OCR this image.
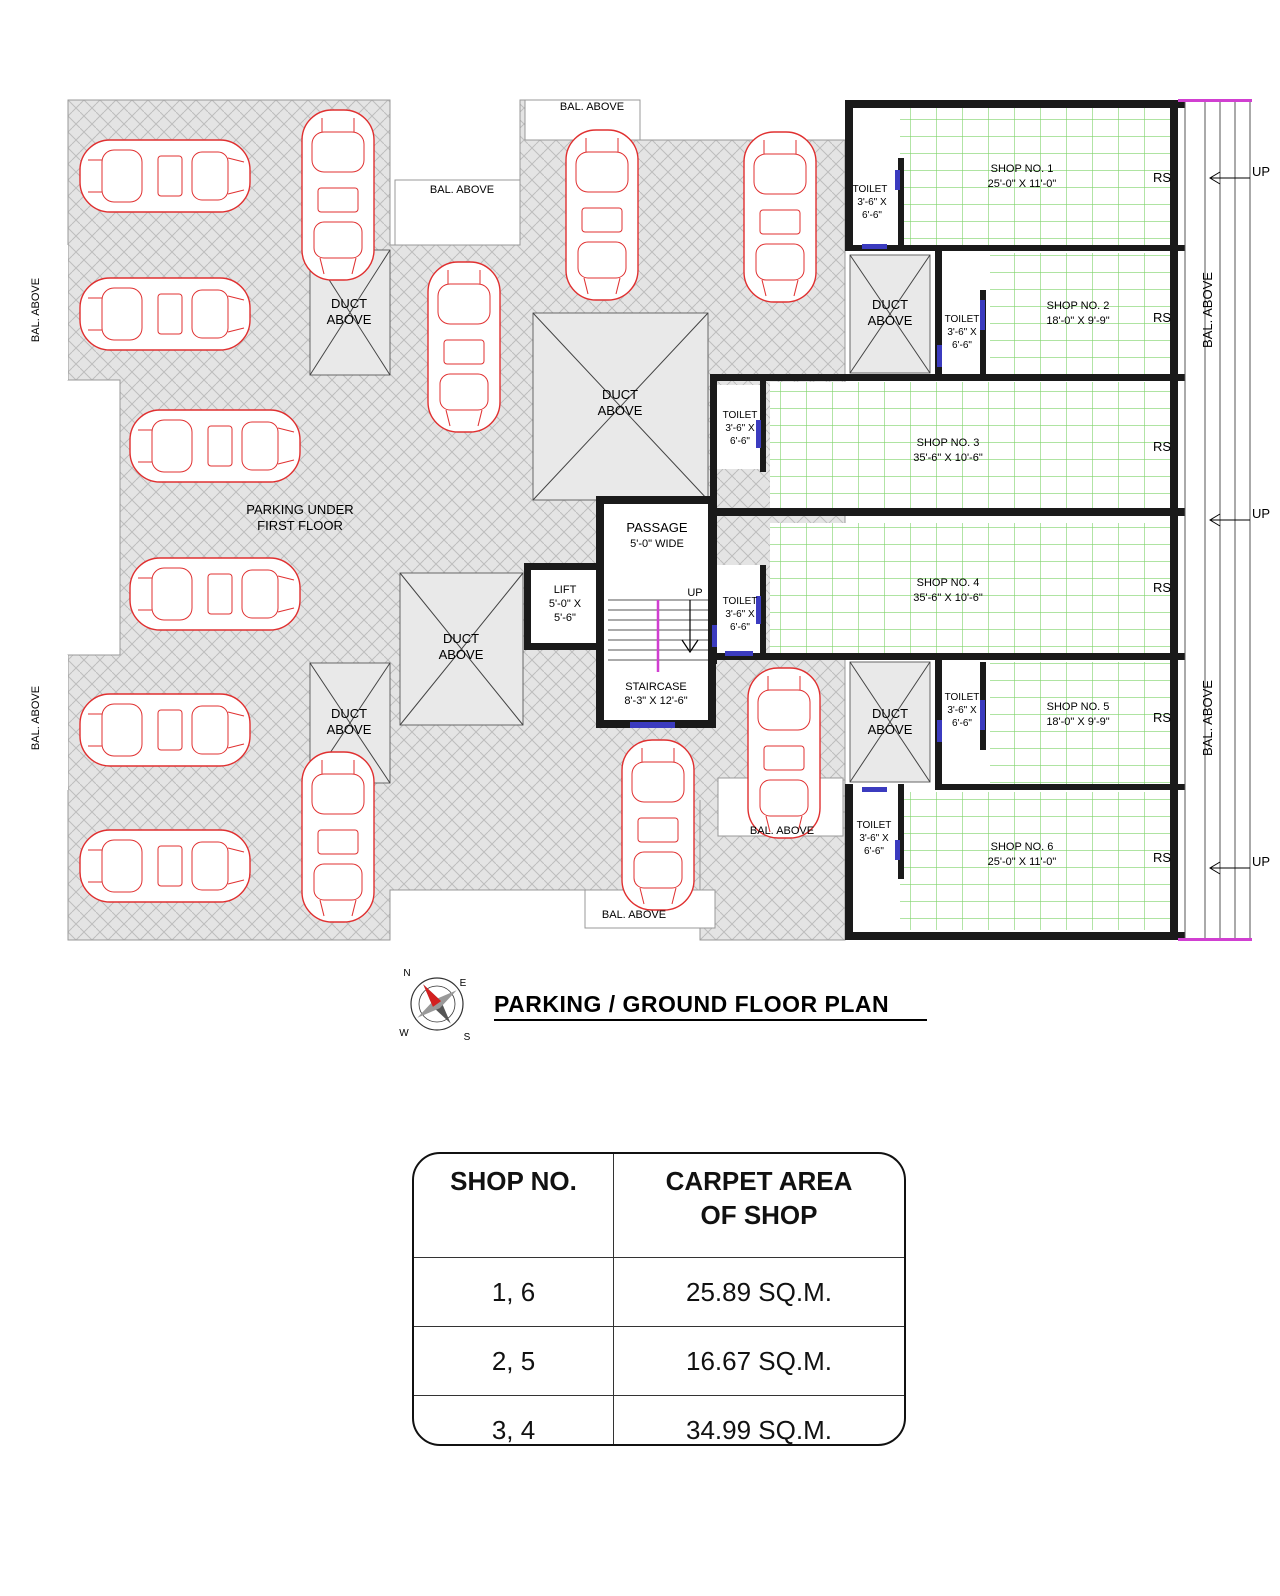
PARKING UNDER
FIRST FLOOR
DUCT
ABOVE
DUCT
ABOVE
DUCT
ABOVE
DUCT
ABOVE
DUCT
ABOVE
DUCT
ABOVE
BAL. ABOVE
BAL. ABOVE
BAL. ABOVE
BAL. ABOVE
BAL. ABOVE
BAL. ABOVE
BAL. ABOVE
BAL. ABOVE
PASSAGE
5'-0" WIDE
LIFT
5'-0" X
5'-6"
UP
STAIRCASE
8'-3" X 12'-6"
TOILET
3'-6" X
6'-6"
TOILET
3'-6" X
6'-6"
TOILET
3'-6" X
6'-6"
TOILET
3'-6" X
6'-6"
TOILET
3'-6" X
6'-6"
TOILET
3'-6" X
6'-6"
SHOP NO. 1
25'-0" X 11'-0"
SHOP NO. 2
18'-0" X 9'-9"
SHOP NO. 3
35'-6" X 10'-6"
SHOP NO. 4
35'-6" X 10'-6"
SHOP NO. 5
18'-0" X 9'-9"
SHOP NO. 6
25'-0" X 11'-0"
RS
RS
RS
RS
RS
RS
UP
UP
UP
N
E
S
W
PARKING / GROUND FLOOR PLAN
SHOP NO.	CARPET AREA
OF SHOP
1, 6	25.89 SQ.M.
2, 5	16.67 SQ.M.
3, 4	34.99 SQ.M.
